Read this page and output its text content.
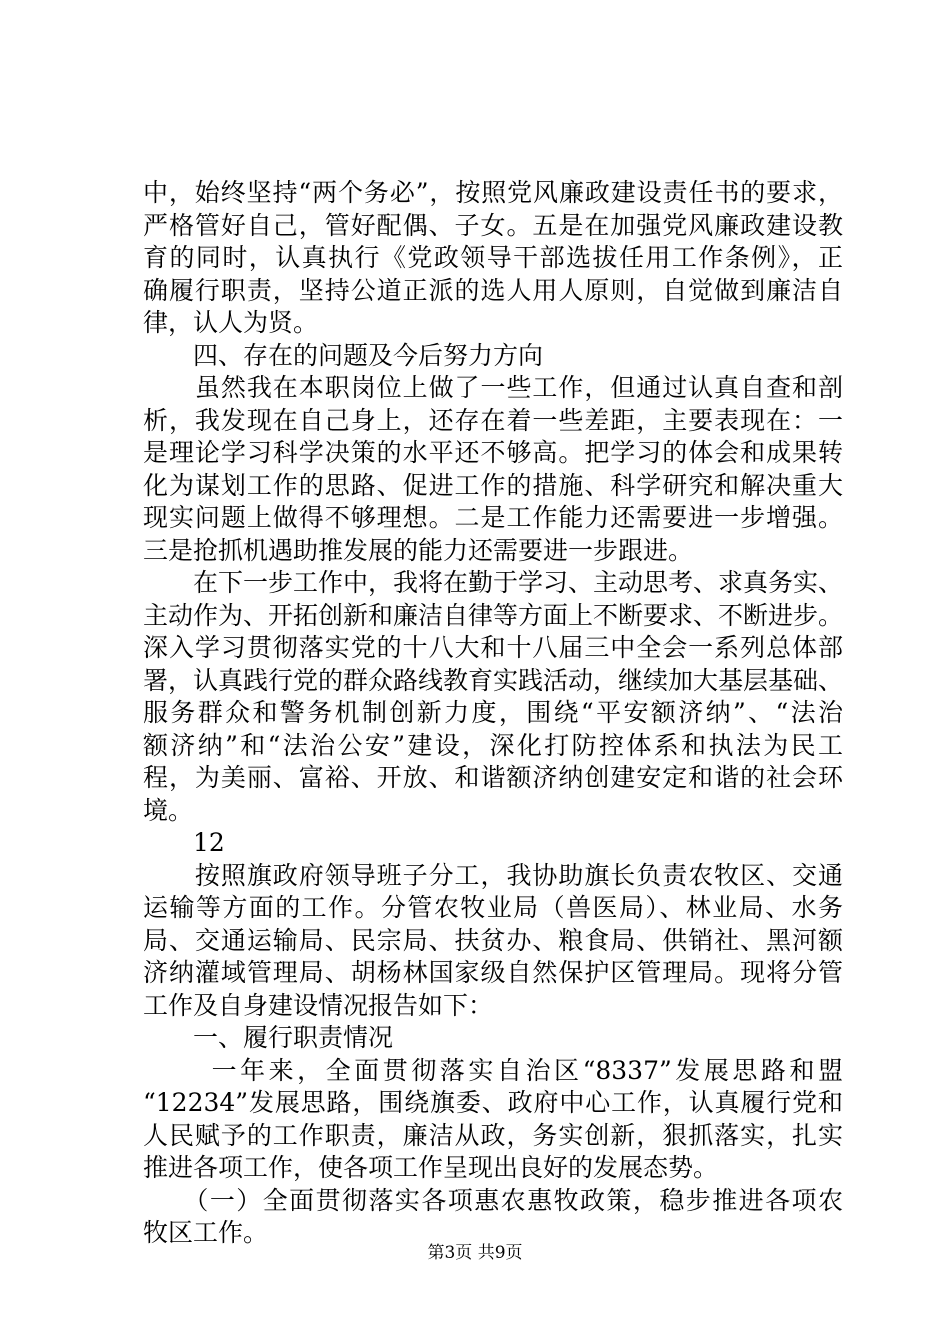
中，始终坚持“两个务必”，按照党风廉政建设责任书的要求，
严格管好自己，管好配偶、子女。五是在加强党风廉政建设教
育的同时，认真执行《党政领导干部选拔任用工作条例》，正
确履行职责，坚持公道正派的选人用人原则，自觉做到廉洁自
律，认人为贤。
　　四、存在的问题及今后努力方向
　　虽然我在本职岗位上做了一些工作，但通过认真自查和剖
析，我发现在自己身上，还存在着一些差距，主要表现在：一
是理论学习科学决策的水平还不够高。把学习的体会和成果转
化为谋划工作的思路、促进工作的措施、科学研究和解决重大
现实问题上做得不够理想。二是工作能力还需要进一步增强。
三是抢抓机遇助推发展的能力还需要进一步跟进。
　　在下一步工作中，我将在勤于学习、主动思考、求真务实、
主动作为、开拓创新和廉洁自律等方面上不断要求、不断进步。
深入学习贯彻落实党的十八大和十八届三中全会一系列总体部
署，认真践行党的群众路线教育实践活动，继续加大基层基础、
服务群众和警务机制创新力度，围绕“平安额济纳”、“法治
额济纳”和“法治公安”建设，深化打防控体系和执法为民工
程，为美丽、富裕、开放、和谐额济纳创建安定和谐的社会环
境。
　　12
　　按照旗政府领导班子分工，我协助旗长负责农牧区、交通
运输等方面的工作。分管农牧业局（兽医局）、林业局、水务
局、交通运输局、民宗局、扶贫办、粮食局、供销社、黑河额
济纳灌域管理局、胡杨林国家级自然保护区管理局。现将分管
工作及自身建设情况报告如下：
　　一、履行职责情况
　　 一年来，全面贯彻落实自治区“8337”发展思路和盟
“12234”发展思路，围绕旗委、政府中心工作，认真履行党和
人民赋予的工作职责，廉洁从政，务实创新，狠抓落实，扎实
推进各项工作，使各项工作呈现出良好的发展态势。
　　（一）全面贯彻落实各项惠农惠牧政策，稳步推进各项农
牧区工作。
第3页 共9页
